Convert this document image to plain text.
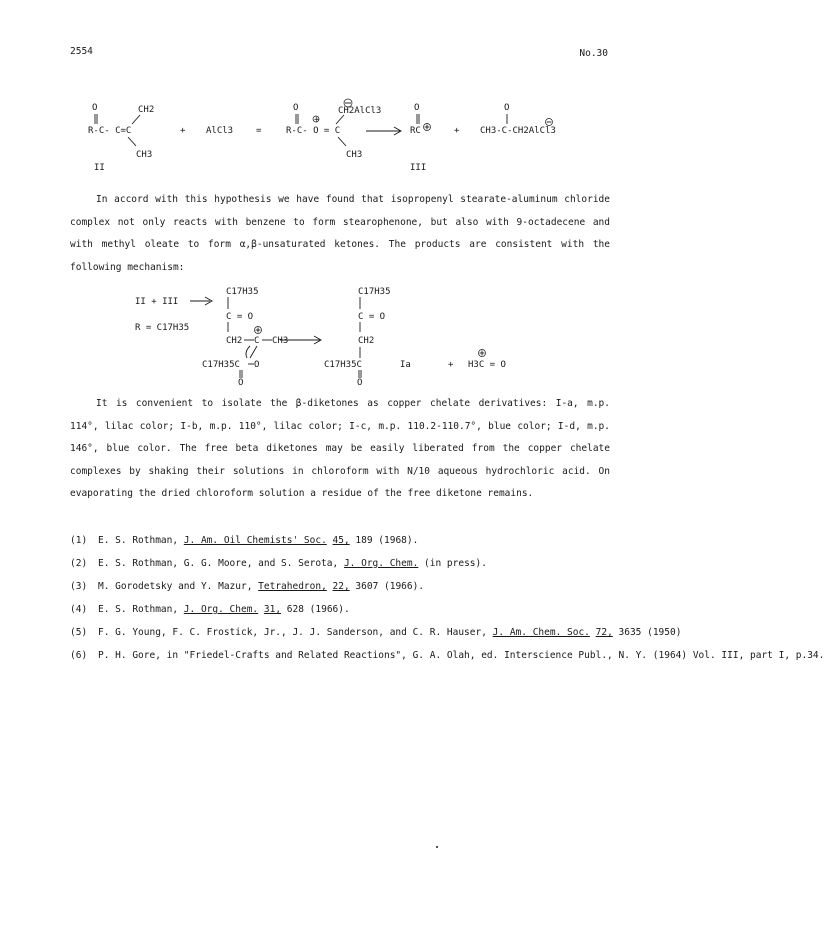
2554	No.30
O	CH2
R-C- C=C
CH3
II
+ AlCl3	=
O
+
CH2AlCl3
R-C- O = C
CH3
O
RC
III
+
O
CH3-C-CH2AlCl3
In accord with this hypothesis we have found that isopropenyl stearate-aluminum chloride complex not only reacts with benzene to form stearophenone, but also with 9-octadecene and with methyl oleate to form α,β-unsaturated ketones. The products are consistent with the following mechanism:
II + III
R = C17H35
C17H35
C = O
CH2 C CH3
C17H35C O
O
C17H35
C = O
CH2
C17H35C
O
Ia	+ H3C = O
It is convenient to isolate the β-diketones as copper chelate derivatives: I-a, m.p. 114°, lilac color; I-b, m.p. 110°, lilac color; I-c, m.p. 110.2-110.7°, blue color; I-d, m.p. 146°, blue color. The free beta diketones may be easily liberated from the copper chelate complexes by shaking their solutions in chloroform with N/10 aqueous hydrochloric acid. On evaporating the dried chloroform solution a residue of the free diketone remains.
(1)	E. S. Rothman, J. Am. Oil Chemists' Soc. 45, 189 (1968).
(2)	E. S. Rothman, G. G. Moore, and S. Serota, J. Org. Chem. (in press).
(3)	M. Gorodetsky and Y. Mazur, Tetrahedron, 22, 3607 (1966).
(4)	E. S. Rothman, J. Org. Chem. 31, 628 (1966).
(5)	F. G. Young, F. C. Frostick, Jr., J. J. Sanderson, and C. R. Hauser, J. Am. Chem. Soc. 72, 3635 (1950)
(6)	P. H. Gore, in "Friedel-Crafts and Related Reactions", G. A. Olah, ed. Interscience Publ., N. Y. (1964) Vol. III, part I, p.34.
